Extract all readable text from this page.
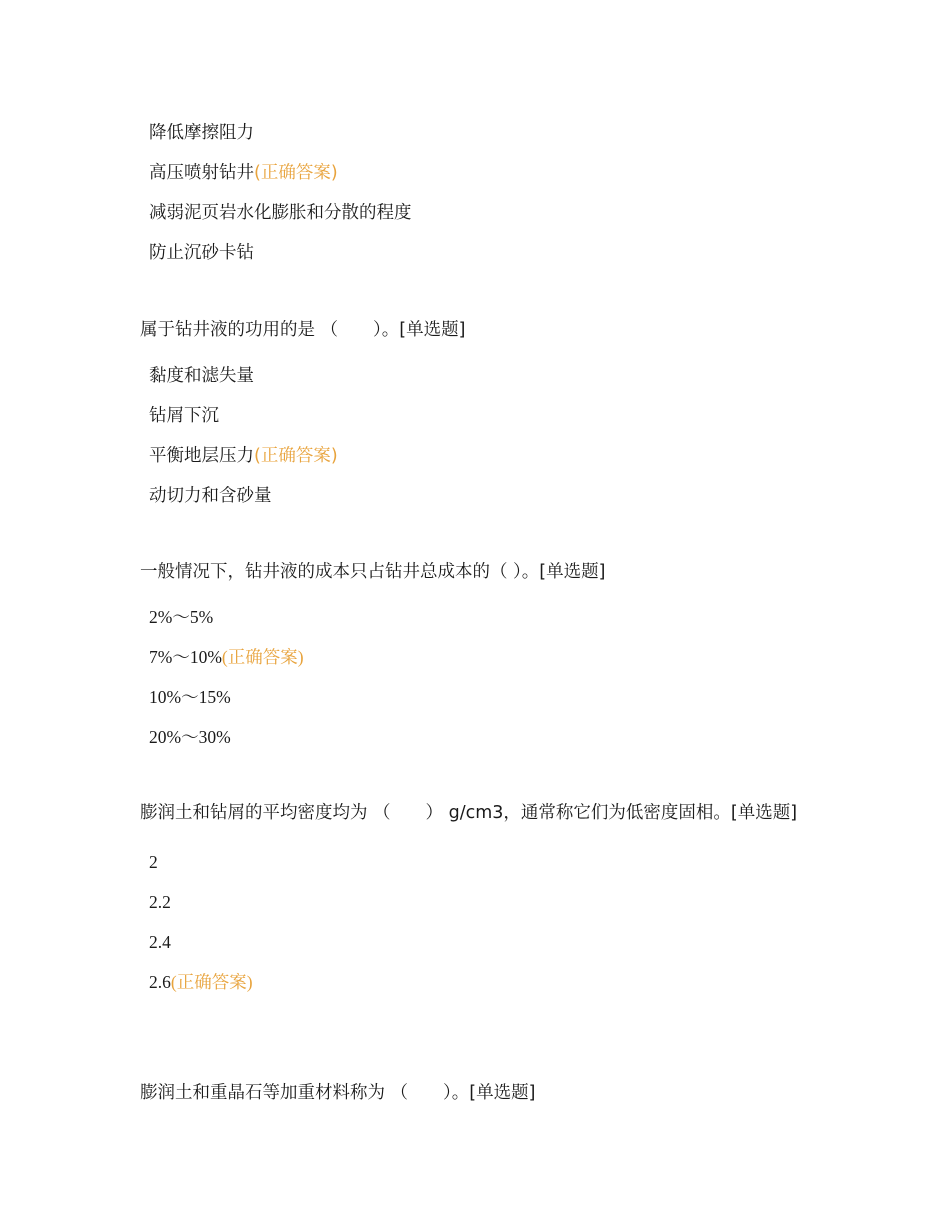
降低摩擦阻力
高压喷射钻井(正确答案)
减弱泥页岩水化膨胀和分散的程度
防止沉砂卡钻

属于钻井液的功用的是 （　　）。[单选题]

黏度和滤失量
钻屑下沉
平衡地层压力(正确答案)
动切力和含砂量

一般情况下，钻井液的成本只占钻井总成本的（ ）。[单选题]

2%～5%
7%～10%(正确答案)
10%～15%
20%～30%

膨润土和钻屑的平均密度均为 （　　） g/cm3，通常称它们为低密度固相。[单选题]

2
2.2
2.4
2.6(正确答案)

膨润土和重晶石等加重材料称为 （　　）。[单选题]
